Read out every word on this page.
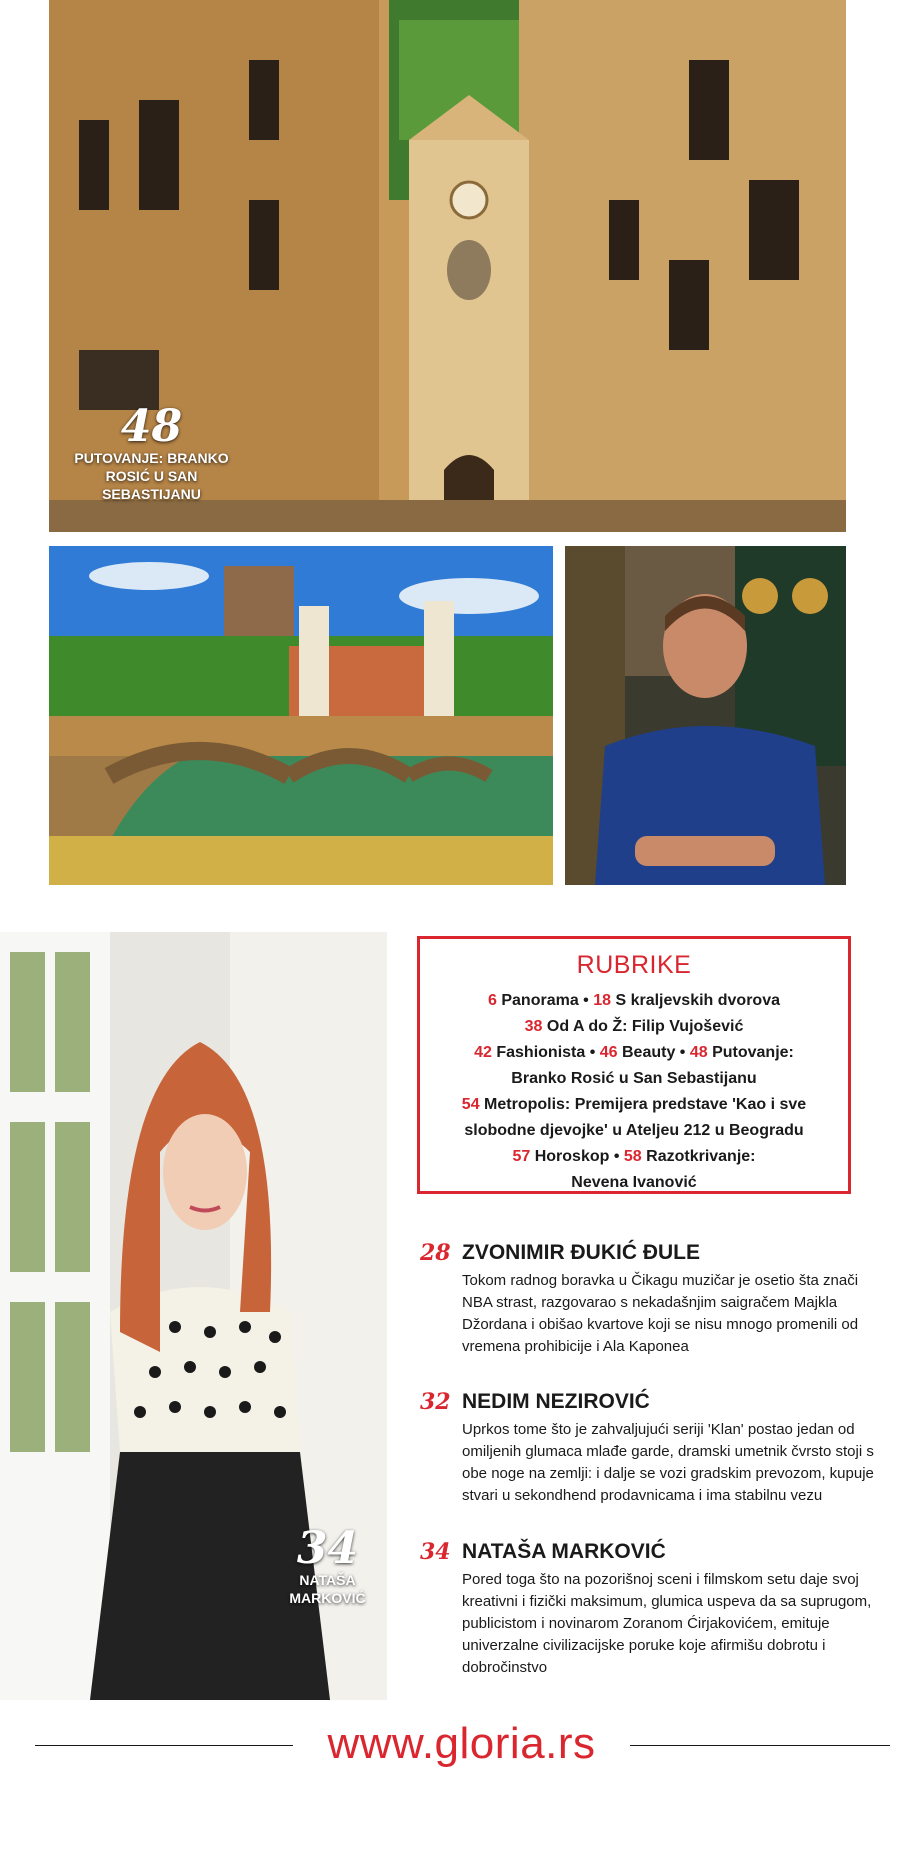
48
PUTOVANJE: BRANKO ROSIĆ U SAN SEBASTIJANU
34
NATAŠA MARKOVIĆ
RUBRIKE
6 Panorama • 18 S kraljevskih dvorova
38 Od A do Ž: Filip Vujošević
42 Fashionista • 46 Beauty • 48 Putovanje:
Branko Rosić u San Sebastijanu
54 Metropolis: Premijera predstave 'Kao i sve
slobodne djevojke' u Atelјeu 212 u Beogradu
57 Horoskop • 58 Razotkrivanje:
Nevena Ivanović
28 ZVONIMIR ĐUKIĆ ĐULE
Tokom radnog boravka u Čikagu muzičar je osetio šta znači NBA strast, razgovarao s nekadašnjim saigračem Majkla Džordana i obišao kvartove koji se nisu mnogo promenili od vremena prohibicije i Ala Kaponea
32 NEDIM NEZIROVIĆ
Uprkos tome što je zahvaljujući seriji 'Klan' postao jedan od omiljenih glumaca mlađe garde, dramski umetnik čvrsto stoji s obe noge na zemlji: i dalje se vozi gradskim prevozom, kupuje stvari u sekondhend prodavnicama i ima stabilnu vezu
34 NATAŠA MARKOVIĆ
Pored toga što na pozorišnoj sceni i filmskom setu daje svoj kreativni i fizički maksimum, glumica uspeva da sa suprugom, publicistom i novinarom Zoranom Ćirjakovićem, emituje univerzalne civilizacijske poruke koje afirmišu dobrotu i dobročinstvo
www.gloria.rs
